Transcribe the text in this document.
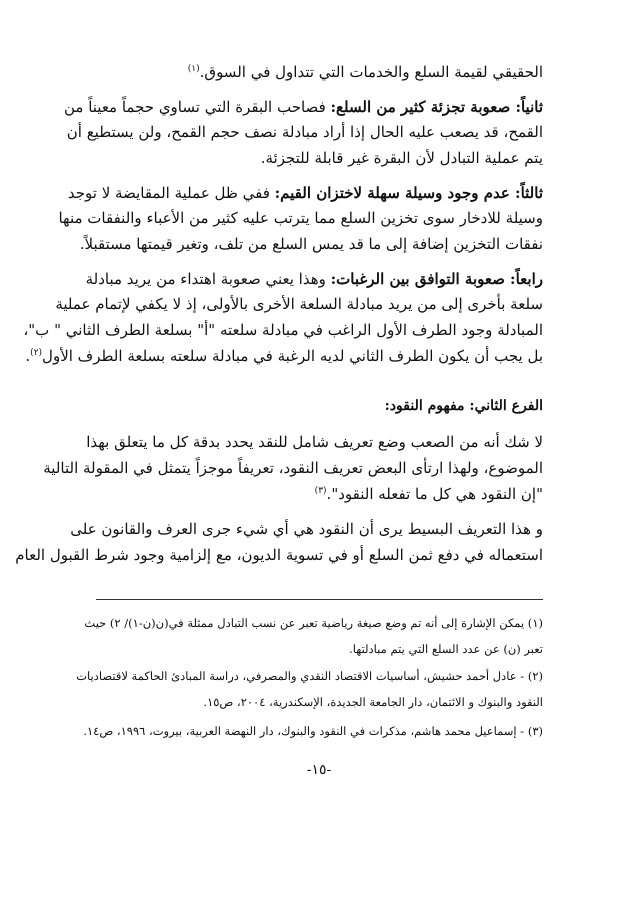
الحقيقي لقيمة السلع والخدمات التي تتداول في السوق.$^{(١)}$
ثانياً: صعوبة تجزئة كثير من السلع: فصاحب البقرة التي تساوي حجماً معيناً من
القمح، قد يصعب عليه الحال إذا أراد مبادلة نصف حجم القمح، ولن يستطيع أن
يتم عملية التبادل لأن البقرة غير قابلة للتجزئة.
ثالثاً: عدم وجود وسيلة سهلة لاختزان القيم: ففي ظل عملية المقايضة لا توجد
وسيلة للادخار سوى تخزين السلع مما يترتب عليه كثير من الأعباء والنفقات منها
نفقات التخزين إضافة إلى ما قد يمس السلع من تلف، وتغير قيمتها مستقبلاً.
رابعاً: صعوبة التوافق بين الرغبات: وهذا يعني صعوبة اهتداء من يريد مبادلة
سلعة بأخرى إلى من يريد مبادلة السلعة الأخرى بالأولى، إذ لا يكفي لإتمام عملية
المبادلة وجود الطرف الأول الراغب في مبادلة سلعته "أ" بسلعة الطرف الثاني " ب"،
بل يجب أن يكون الطرف الثاني لديه الرغبة في مبادلة سلعته بسلعة الطرف الأول$^{(٢)}$.
الفرع الثاني: مفهوم النقود:
لا شك أنه من الصعب وضع تعريف شامل للنقد يحدد بدقة كل ما يتعلق بهذا
الموضوع، ولهذا ارتأى البعض تعريف النقود، تعريفاً موجزاً يتمثل في المقولة التالية
"إن النقود هي كل ما تفعله النقود".$^{(٣)}$
و هذا التعريف البسيط يرى أن النقود هي أي شيء جرى العرف والقانون على
استعماله في دفع ثمن السلع أو في تسوية الديون، مع إلزامية وجود شرط القبول العام
(١) يمكن الإشارة إلى أنه تم وضع صيغة رياضية تعبر عن نسب التبادل ممثلة في(ن(ن-١)/ ٢) حيث
تعبر (ن) عن عدد السلع التي يتم مبادلتها.
(٢) - عادل أحمد حشيش، أساسيات الاقتصاد النقدي والمصرفي، دراسة المبادئ الحاكمة لاقتصاديات
النقود والبنوك و الائتمان، دار الجامعة الجديدة، الإسكندرية، ٢٠٠٤، ص١٥.
(٣) - إسماعيل محمد هاشم، مذكرات في النقود والبنوك، دار النهضة العربية، بيروت، ١٩٩٦، ص١٤.
-١٥-
